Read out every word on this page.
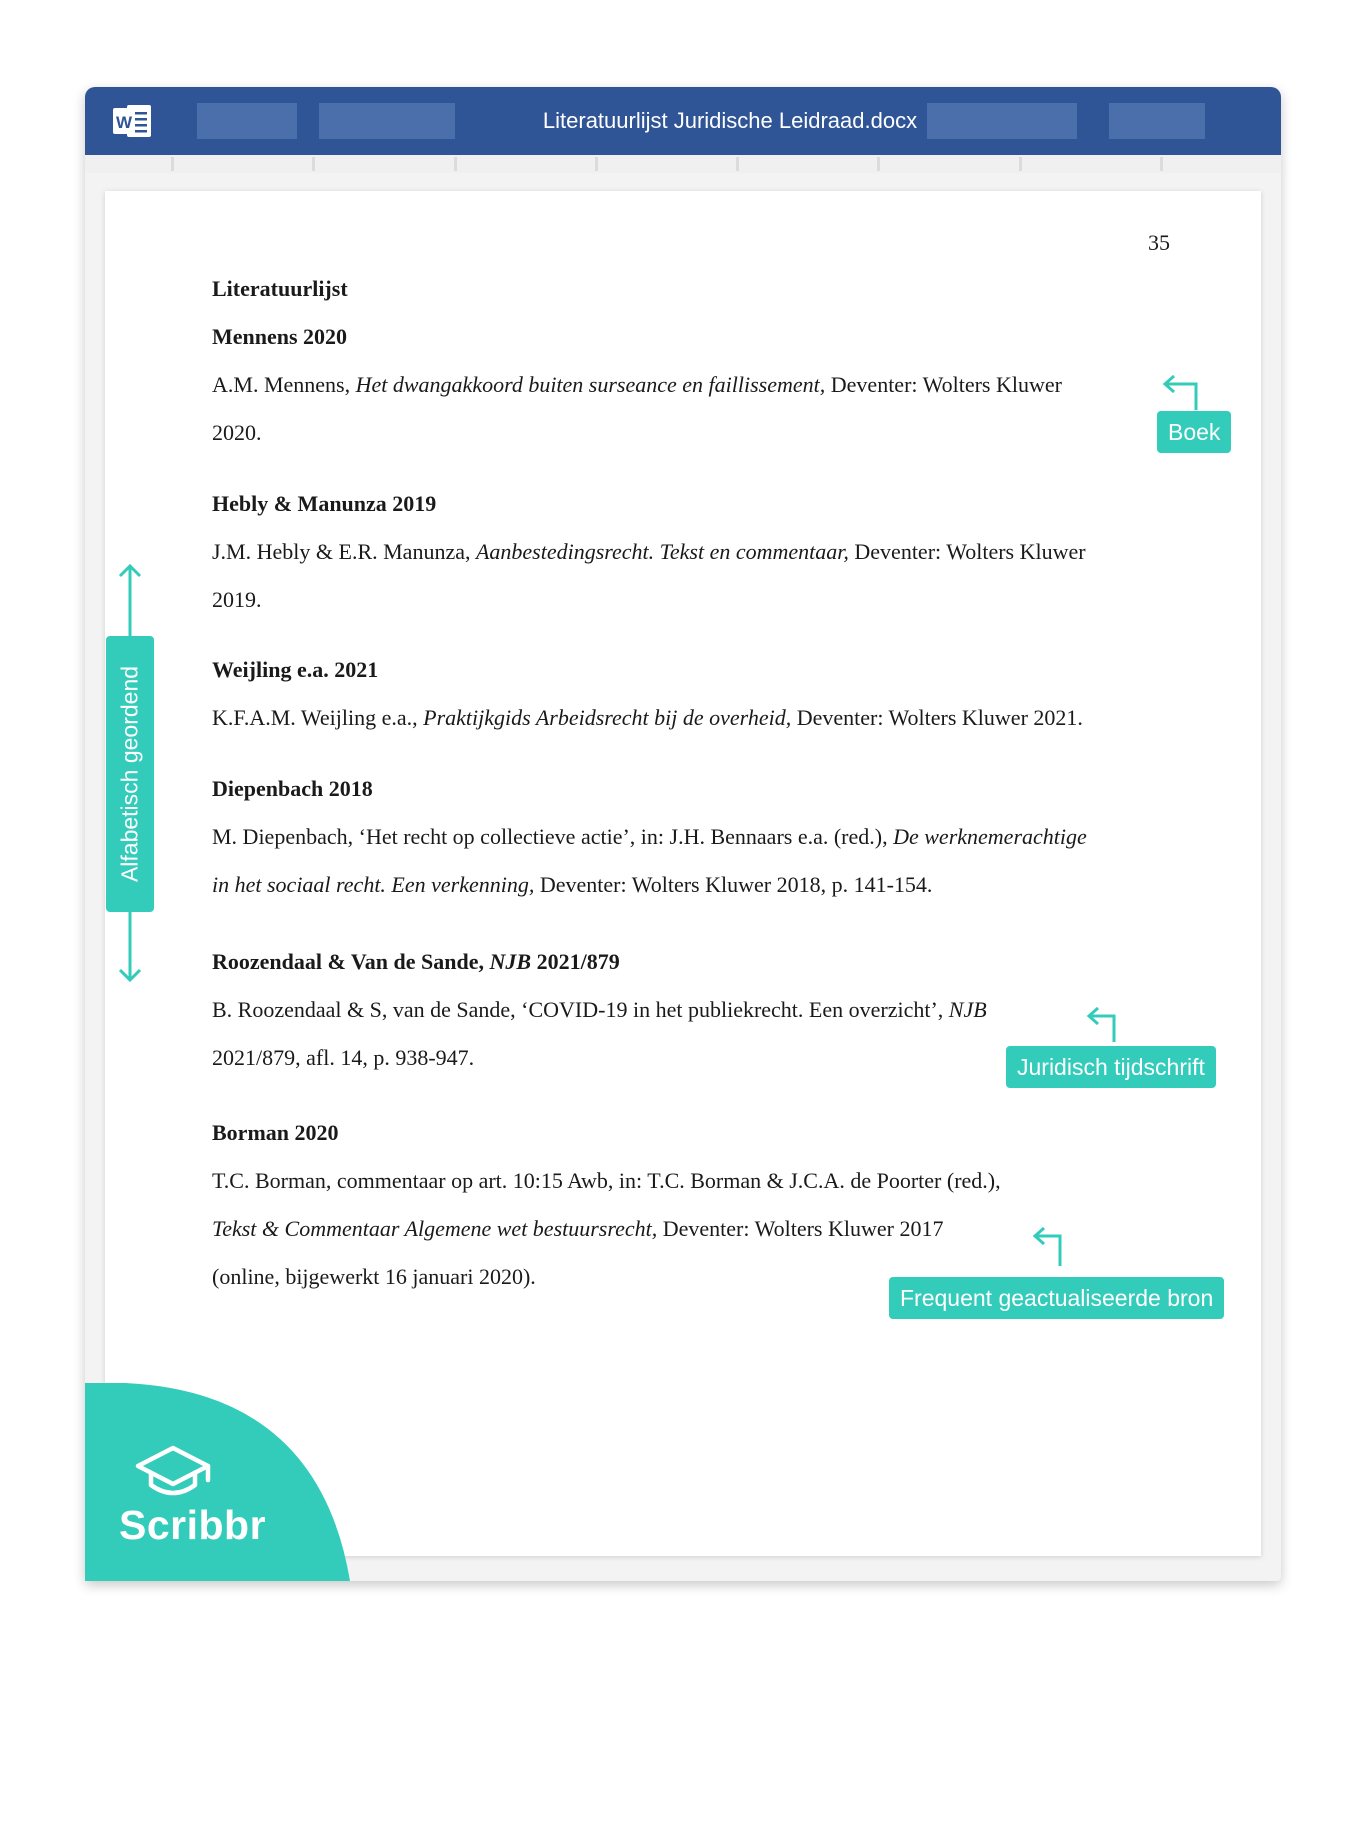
W	Literatuurlijst Juridische Leidraad.docx
35
Literatuurlijst
Mennens 2020
A.M. Mennens, Het dwangakkoord buiten surseance en faillissement, Deventer: Wolters Kluwer
2020.
Hebly & Manunza 2019
J.M. Hebly & E.R. Manunza, Aanbestedingsrecht. Tekst en commentaar, Deventer: Wolters Kluwer
2019.
Weijling e.a. 2021
K.F.A.M. Weijling e.a., Praktijkgids Arbeidsrecht bij de overheid, Deventer: Wolters Kluwer 2021.
Diepenbach 2018
M. Diepenbach, ‘Het recht op collectieve actie’, in: J.H. Bennaars e.a. (red.), De werknemerachtige
in het sociaal recht. Een verkenning, Deventer: Wolters Kluwer 2018, p. 141-154.
Roozendaal & Van de Sande, NJB 2021/879
B. Roozendaal & S, van de Sande, ‘COVID-19 in het publiekrecht. Een overzicht’, NJB
2021/879, afl. 14, p. 938-947.
Borman 2020
T.C. Borman, commentaar op art. 10:15 Awb, in: T.C. Borman & J.C.A. de Poorter (red.),
Tekst & Commentaar Algemene wet bestuursrecht, Deventer: Wolters Kluwer 2017
(online, bijgewerkt 16 januari 2020).
Boek
Juridisch tijdschrift
Frequent geactualiseerde bron
Alfabetisch geordend
Scribbr
